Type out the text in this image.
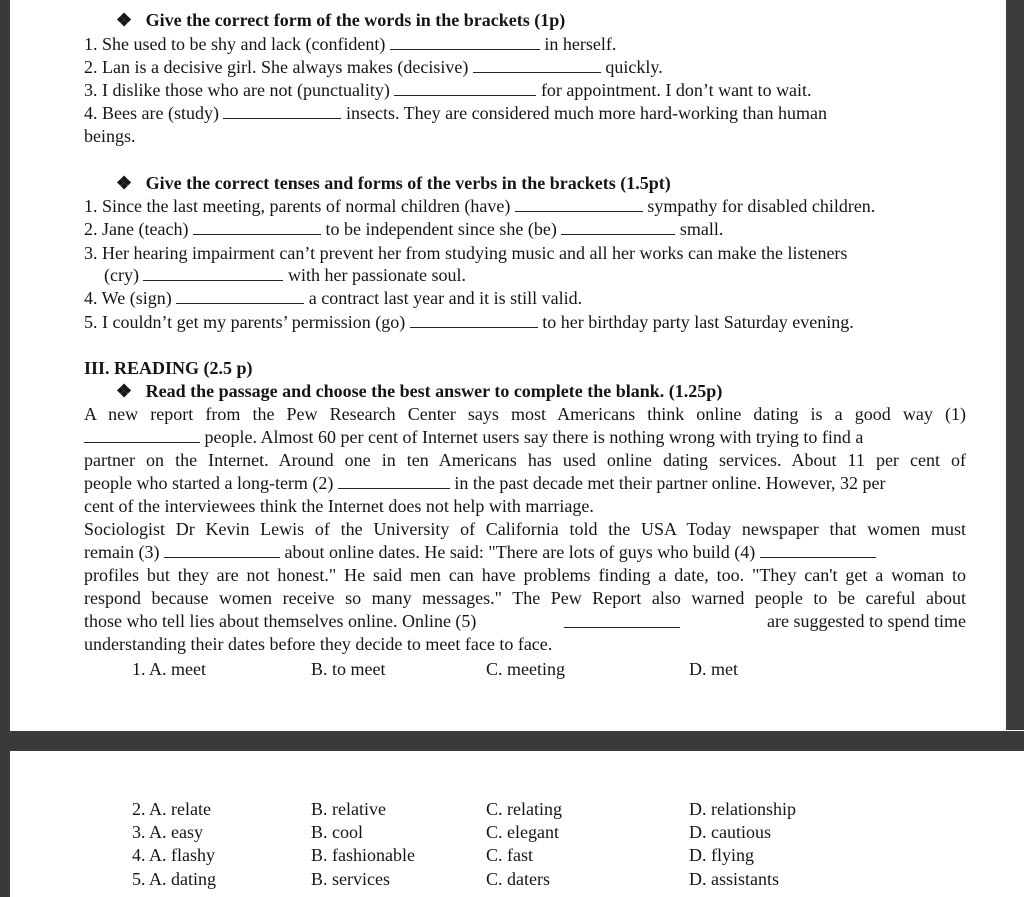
❖ Give the correct form of the words in the brackets (1p)
1. She used to be shy and lack (confident)	in herself.
2. Lan is a decisive girl. She always makes (decisive)	quickly.
3. I dislike those who are not (punctuality)	for appointment. I don’t want to wait.
4. Bees are (study)	insects. They are considered much more hard-working than human
beings.
❖ Give the correct tenses and forms of the verbs in the brackets (1.5pt)
1. Since the last meeting, parents of normal children (have)	sympathy for disabled children.
2. Jane (teach)	to be independent since she (be)	small.
3. Her hearing impairment can’t prevent her from studying music and all her works can make the listeners
(cry)	with her passionate soul.
4. We (sign)	a contract last year and it is still valid.
5. I couldn’t get my parents’ permission (go)	to her birthday party last Saturday evening.
III. READING (2.5 p)
❖ Read the passage and choose the best answer to complete the blank. (1.25p)
A new report from the Pew Research Center says most Americans think online dating is a good way (1)
people. Almost 60 per cent of Internet users say there is nothing wrong with trying to find a
partner on the Internet. Around one in ten Americans has used online dating services. About 11 per cent of
people who started a long-term (2)	in the past decade met their partner online. However, 32 per
cent of the interviewees think the Internet does not help with marriage.
Sociologist Dr Kevin Lewis of the University of California told the USA Today newspaper that women must
remain (3)	about online dates. He said: "There are lots of guys who build (4)
profiles but they are not honest." He said men can have problems finding a date, too. "They can't get a woman to
respond because women receive so many messages." The Pew Report also warned people to be careful about
those who tell lies about themselves online. Online (5)	are suggested to spend time
understanding their dates before they decide to meet face to face.
1. A. meet	B. to meet	C. meeting	D. met
2. A. relate	B. relative	C. relating	D. relationship
3. A. easy	B. cool	C. elegant	D. cautious
4. A. flashy	B. fashionable	C. fast	D. flying
5. A. dating	B. services	C. daters	D. assistants
